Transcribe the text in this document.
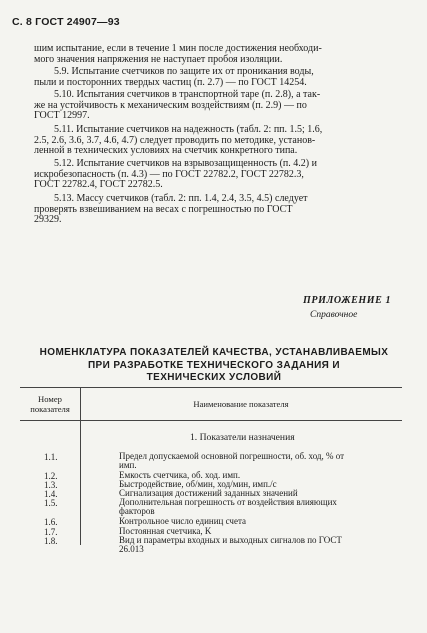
С. 8 ГОСТ 24907—93
шим испытание, если в течение 1 мин после достижения необходи-
мого значения напряжения не наступает пробоя изоляции.
5.9. Испытание счетчиков по защите их от проникания воды,
пыли и посторонних твердых частиц (п. 2.7) — по ГОСТ 14254.
5.10. Испытания счетчиков в транспортной таре (п. 2.8), а так-
же на устойчивость к механическим воздействиям (п. 2.9) — по
ГОСТ 12997.
5.11. Испытание счетчиков на надежность (табл. 2: пп. 1.5; 1.6,
2.5, 2.6, 3.6, 3.7, 4.6, 4.7) следует проводить по методике, установ-
ленной в технических условиях на счетчик конкретного типа.
5.12. Испытание счетчиков на взрывозащищенность (п. 4.2) и
искробезопасность (п. 4.3) — по ГОСТ 22782.2, ГОСТ 22782.3,
ГОСТ 22782.4, ГОСТ 22782.5.
5.13. Массу счетчиков (табл. 2: пп. 1.4, 2.4, 3.5, 4.5) следует
проверять взвешиванием на весах с погрешностью по ГОСТ
29329.
ПРИЛОЖЕНИЕ 1
Справочное
НОМЕНКЛАТУРА ПОКАЗАТЕЛЕЙ КАЧЕСТВА, УСТАНАВЛИВАЕМЫХ
ПРИ РАЗРАБОТКЕ ТЕХНИЧЕСКОГО ЗАДАНИЯ И
ТЕХНИЧЕСКИХ УСЛОВИЙ
Номер
показателя	Наименование показателя
1. Показатели назначения
1.1.	Предел допускаемой основной погрешности, об. ход, % от
имп.
1.2.	Емкость счетчика, об. ход. имп.
1.3.	Быстродействие, об/мин, ход/мин, имп./с
1.4.	Сигнализация достижений заданных значений
1.5.	Дополнительная погрешность от воздействия влияющих
факторов
1.6.	Контрольное число единиц счета
1.7.	Постоянная счетчика, K
1.8.	Вид и параметры входных и выходных сигналов по ГОСТ
26.013
